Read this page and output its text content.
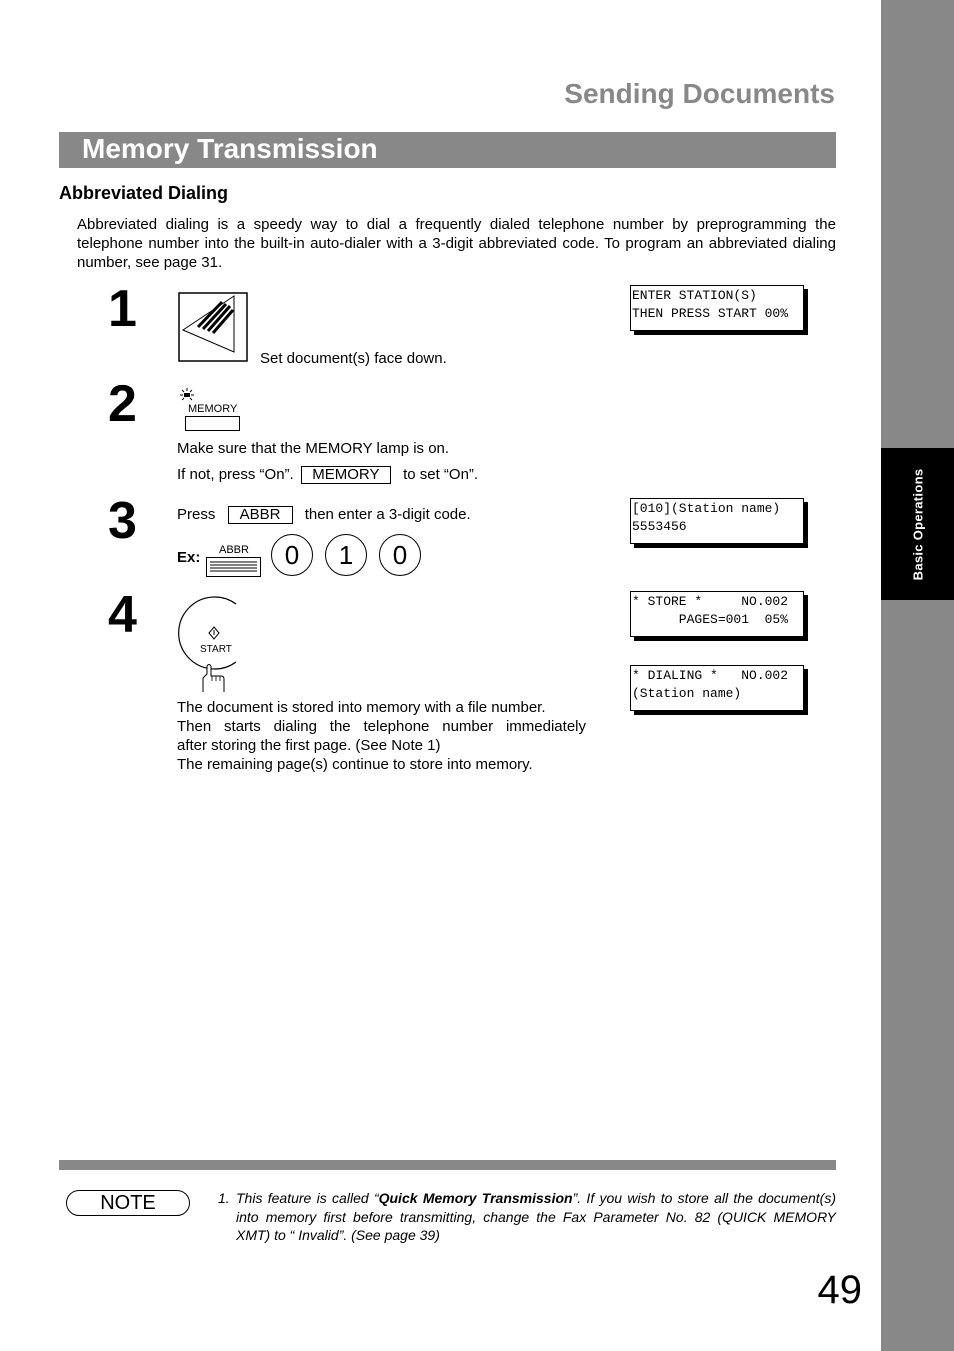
Basic Operations
Sending Documents
Memory Transmission
Abbreviated Dialing
Abbreviated dialing is a speedy way to dial a frequently dialed telephone number by preprogramming the telephone number into the built-in auto-dialer with a 3-digit abbreviated code. To program an abbreviated dialing number, see page 31.
1
Set document(s) face down.
ENTER STATION(S)
THEN PRESS START 00%
2	MEMORY
Make sure that the MEMORY lamp is on.
If not, press “On”. MEMORY to set “On”.
3	Press ABBR then enter a 3-digit code.
Ex: ABBR	0	1	0
[010](Station name)
5553456
4
START
* STORE *     NO.002
PAGES=001  05%
* DIALING *   NO.002
(Station name)
The document is stored into memory with a file number.
Then starts dialing the telephone number immediately
after storing the first page. (See Note 1)
The remaining page(s) continue to store into memory.
NOTE	1. This feature is called “Quick Memory Transmission”. If you wish to store all the document(s)
into memory first before transmitting, change the Fax Parameter No. 82 (QUICK MEMORY
XMT) to “ Invalid”. (See page 39)
49
